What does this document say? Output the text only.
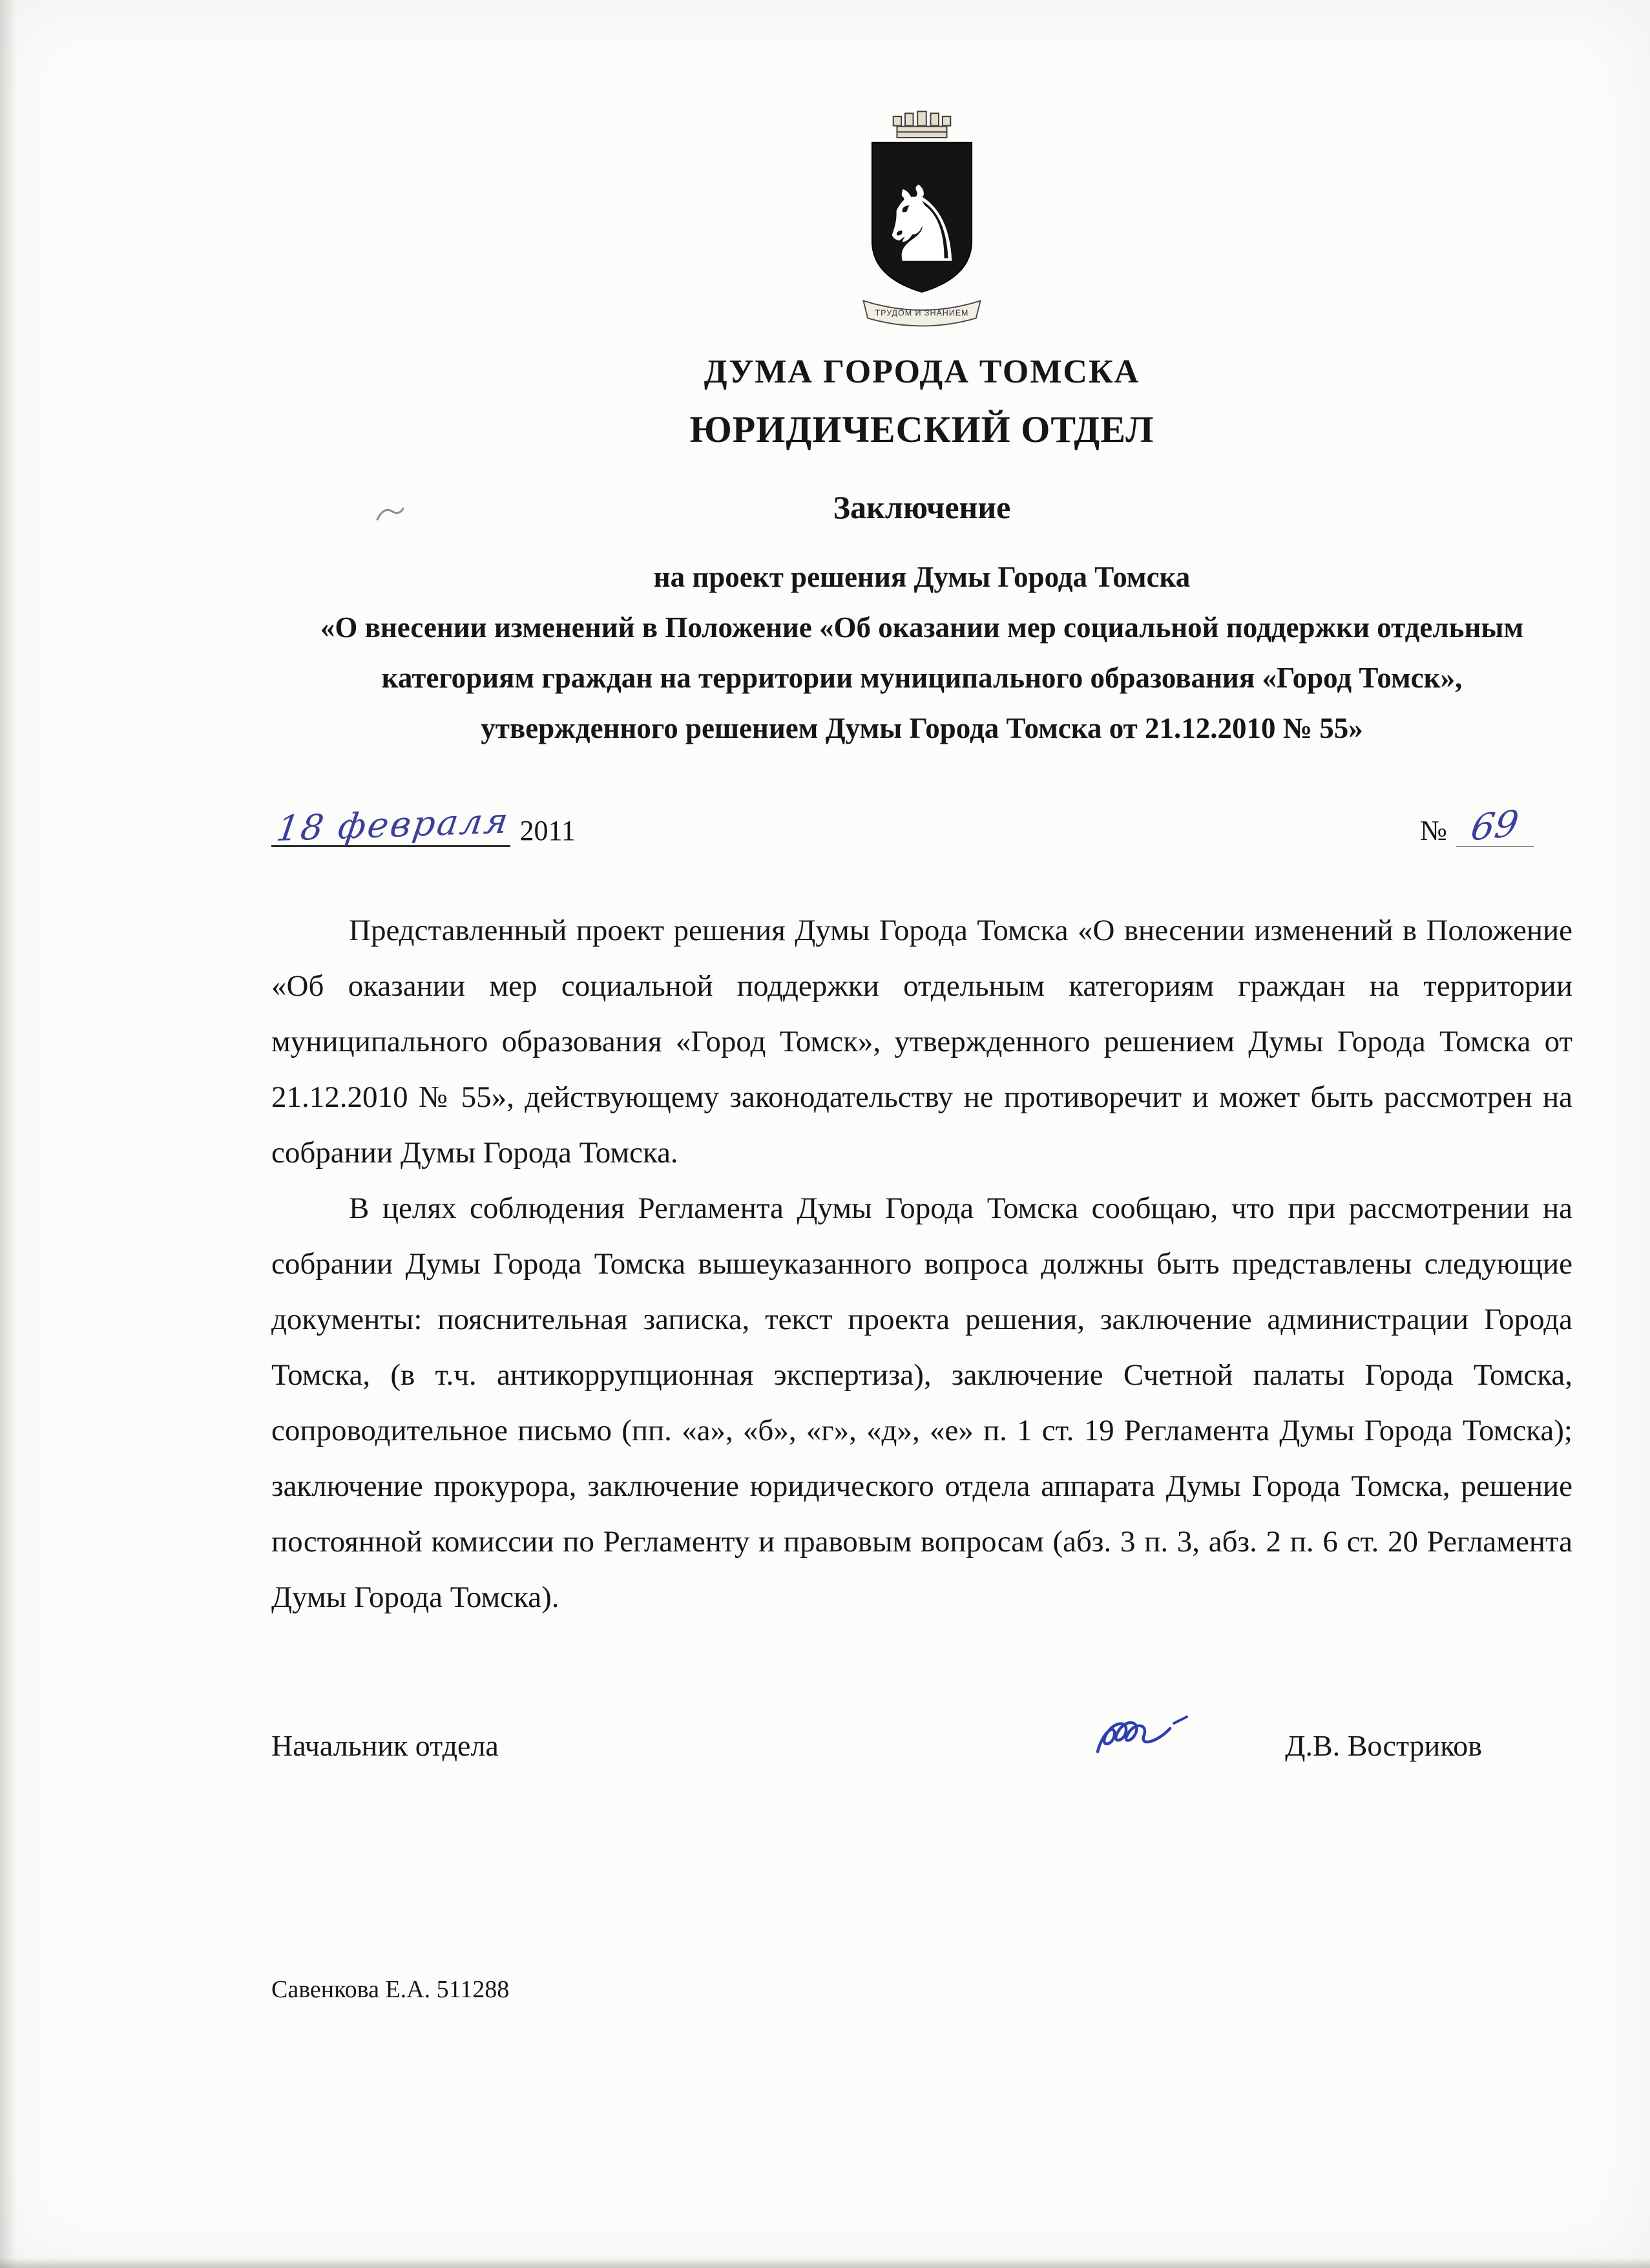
♞
ТРУДОМ И ЗНАНИЕМ
ДУМА ГОРОДА ТОМСКА
ЮРИДИЧЕСКИЙ ОТДЕЛ
Заключение
на проект решения Думы Города Томска
«О внесении изменений в Положение «Об оказании мер социальной поддержки отдельным категориям граждан на территории муниципального образования «Город Томск», утвержденного решением Думы Города Томска от 21.12.2010 № 55»
18 февраля 2011	№ 69

Представленный проект решения Думы Города Томска «О внесении изменений в Положение «Об оказании мер социальной поддержки отдельным категориям граждан на территории муниципального образования «Город Томск», утвержденного решением Думы Города Томска от 21.12.2010 № 55», действующему законодательству не противоречит и может быть рассмотрен на собрании Думы Города Томска.

В целях соблюдения Регламента Думы Города Томска сообщаю, что при рассмотрении на собрании Думы Города Томска вышеуказанного вопроса должны быть представлены следующие документы: пояснительная записка, текст проекта решения, заключение администрации Города Томска, (в т.ч. антикоррупционная экспертиза), заключение Счетной палаты Города Томска, сопроводительное письмо (пп. «а», «б», «г», «д», «е» п. 1 ст. 19 Регламента Думы Города Томска); заключение прокурора, заключение юридического отдела аппарата Думы Города Томска, решение постоянной комиссии по Регламенту и правовым вопросам (абз. 3 п. 3, абз. 2 п. 6 ст. 20 Регламента Думы Города Томска).

Начальник отдела	Д.В. Востриков
Савенкова Е.А. 511288
